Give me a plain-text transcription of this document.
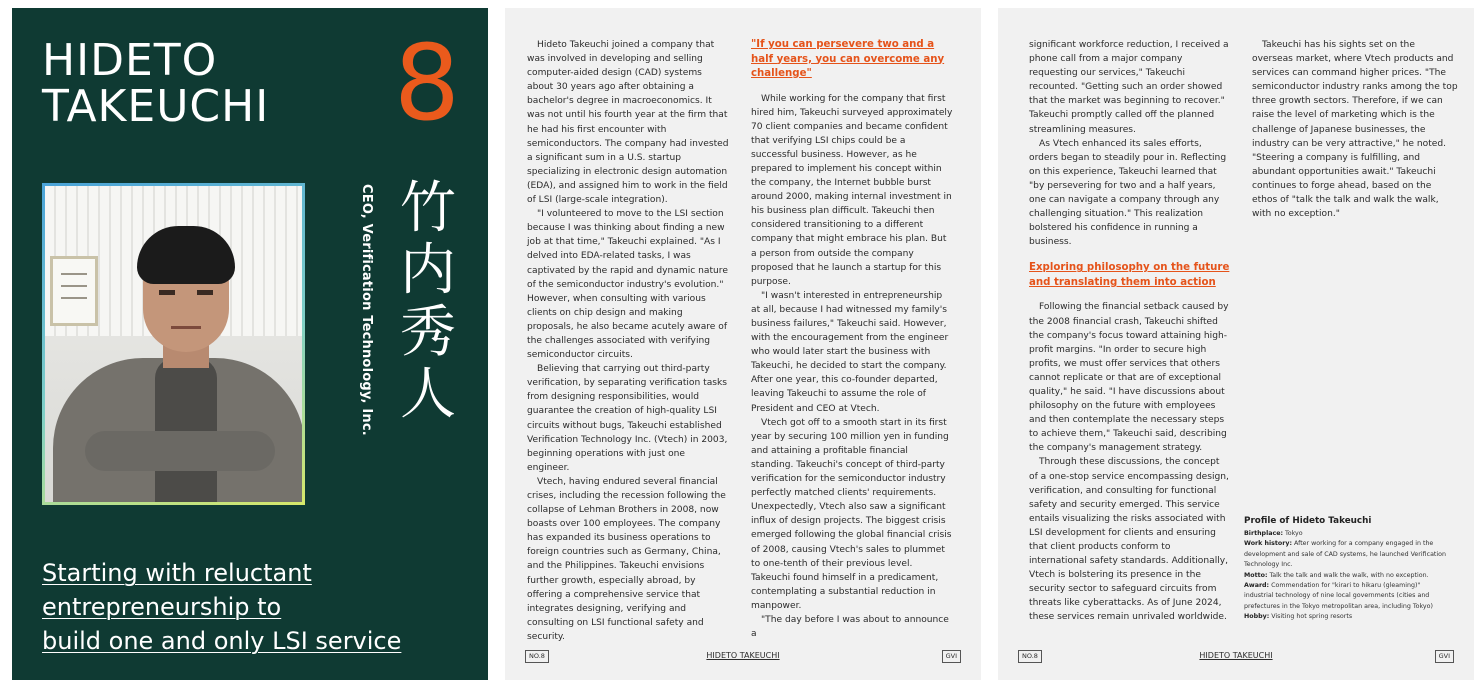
HIDETO
TAKEUCHI 8
CEO, Verification Technology, Inc. 竹
内
秀
人
Starting with reluctant
entrepreneurship to
build one and only LSI service

Hideto Takeuchi joined a company that was involved in developing and selling computer-aided design (CAD) systems about 30 years ago after obtaining a bachelor's degree in macroeconomics. It was not until his fourth year at the firm that he had his first encounter with semiconductors. The company had invested a significant sum in a U.S. startup specializing in electronic design automation (EDA), and assigned him to work in the field of LSI (large-scale integration).

"I volunteered to move to the LSI section because I was thinking about finding a new job at that time," Takeuchi explained. "As I delved into EDA-related tasks, I was captivated by the rapid and dynamic nature of the semiconductor industry's evolution." However, when consulting with various clients on chip design and making proposals, he also became acutely aware of the challenges associated with verifying semiconductor circuits.

Believing that carrying out third-party verification, by separating verification tasks from designing responsibilities, would guarantee the creation of high-quality LSI circuits without bugs, Takeuchi established Verification Technology Inc. (Vtech) in 2003, beginning operations with just one engineer.

Vtech, having endured several financial crises, including the recession following the collapse of Lehman Brothers in 2008, now boasts over 100 employees. The company has expanded its business operations to foreign countries such as Germany, China, and the Philippines. Takeuchi envisions further growth, especially abroad, by offering a comprehensive service that integrates designing, verifying and consulting on LSI functional safety and security.

"If you can persevere two and a half years, you can overcome any challenge"

While working for the company that first hired him, Takeuchi surveyed approximately 70 client companies and became confident that verifying LSI chips could be a successful business. However, as he prepared to implement his concept within the company, the Internet bubble burst around 2000, making internal investment in his business plan difficult. Takeuchi then considered transitioning to a different company that might embrace his plan. But a person from outside the company proposed that he launch a startup for this purpose.

"I wasn't interested in entrepreneurship at all, because I had witnessed my family's business failures," Takeuchi said. However, with the encouragement from the engineer who would later start the business with Takeuchi, he decided to start the company. After one year, this co-founder departed, leaving Takeuchi to assume the role of President and CEO at Vtech.

Vtech got off to a smooth start in its first year by securing 100 million yen in funding and attaining a profitable financial standing. Takeuchi's concept of third-party verification for the semiconductor industry perfectly matched clients' requirements. Unexpectedly, Vtech also saw a significant influx of design projects. The biggest crisis emerged following the global financial crisis of 2008, causing Vtech's sales to plummet to one-tenth of their previous level. Takeuchi found himself in a predicament, contemplating a substantial reduction in manpower.

"The day before I was about to announce a

NO.8	HIDETO TAKEUCHI	GVI

significant workforce reduction, I received a phone call from a major company requesting our services," Takeuchi recounted. "Getting such an order showed that the market was beginning to recover." Takeuchi promptly called off the planned streamlining measures.

As Vtech enhanced its sales efforts, orders began to steadily pour in. Reflecting on this experience, Takeuchi learned that "by persevering for two and a half years, one can navigate a company through any challenging situation." This realization bolstered his confidence in running a business.

Exploring philosophy on the future and translating them into action

Following the financial setback caused by the 2008 financial crash, Takeuchi shifted the company's focus toward attaining high-profit margins. "In order to secure high profits, we must offer services that others cannot replicate or that are of exceptional quality," he said. "I have discussions about philosophy on the future with employees and then contemplate the necessary steps to achieve them," Takeuchi said, describing the company's management strategy.

Through these discussions, the concept of a one-stop service encompassing design, verification, and consulting for functional safety and security emerged. This service entails visualizing the risks associated with LSI development for clients and ensuring that client products conform to international safety standards. Additionally, Vtech is bolstering its presence in the security sector to safeguard circuits from threats like cyberattacks. As of June 2024, these services remain unrivaled worldwide.

Takeuchi has his sights set on the overseas market, where Vtech products and services can command higher prices. "The semiconductor industry ranks among the top three growth sectors. Therefore, if we can raise the level of marketing which is the challenge of Japanese businesses, the industry can be very attractive," he noted. "Steering a company is fulfilling, and abundant opportunities await." Takeuchi continues to forge ahead, based on the ethos of "talk the talk and walk the walk, with no exception."

Profile of Hideto Takeuchi
Birthplace: Tokyo
Work history: After working for a company engaged in the development and sale of CAD systems, he launched Verification Technology Inc.
Motto: Talk the talk and walk the walk, with no exception.
Award: Commendation for "kirari to hikaru (gleaming)" industrial technology of nine local governments (cities and prefectures in the Tokyo metropolitan area, including Tokyo)
Hobby: Visiting hot spring resorts
NO.8	HIDETO TAKEUCHI	GVI
